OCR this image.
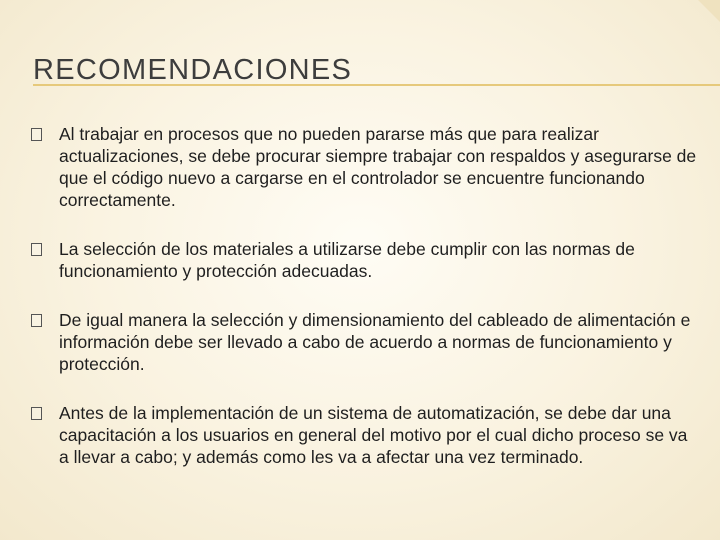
RECOMENDACIONES
Al trabajar en procesos que no pueden pararse más que para realizar actualizaciones, se debe procurar siempre trabajar con respaldos y asegurarse de que el código nuevo a cargarse en el controlador se encuentre funcionando correctamente.
La selección de los materiales a utilizarse debe cumplir con las normas de funcionamiento y protección adecuadas.
De igual manera la selección y dimensionamiento del cableado de alimentación e información debe ser llevado a cabo de acuerdo a normas de funcionamiento y protección.
Antes de la implementación de un sistema de automatización, se debe dar una capacitación a los usuarios en general del motivo por el cual dicho proceso se va a llevar a cabo; y además como les va a afectar una vez terminado.
